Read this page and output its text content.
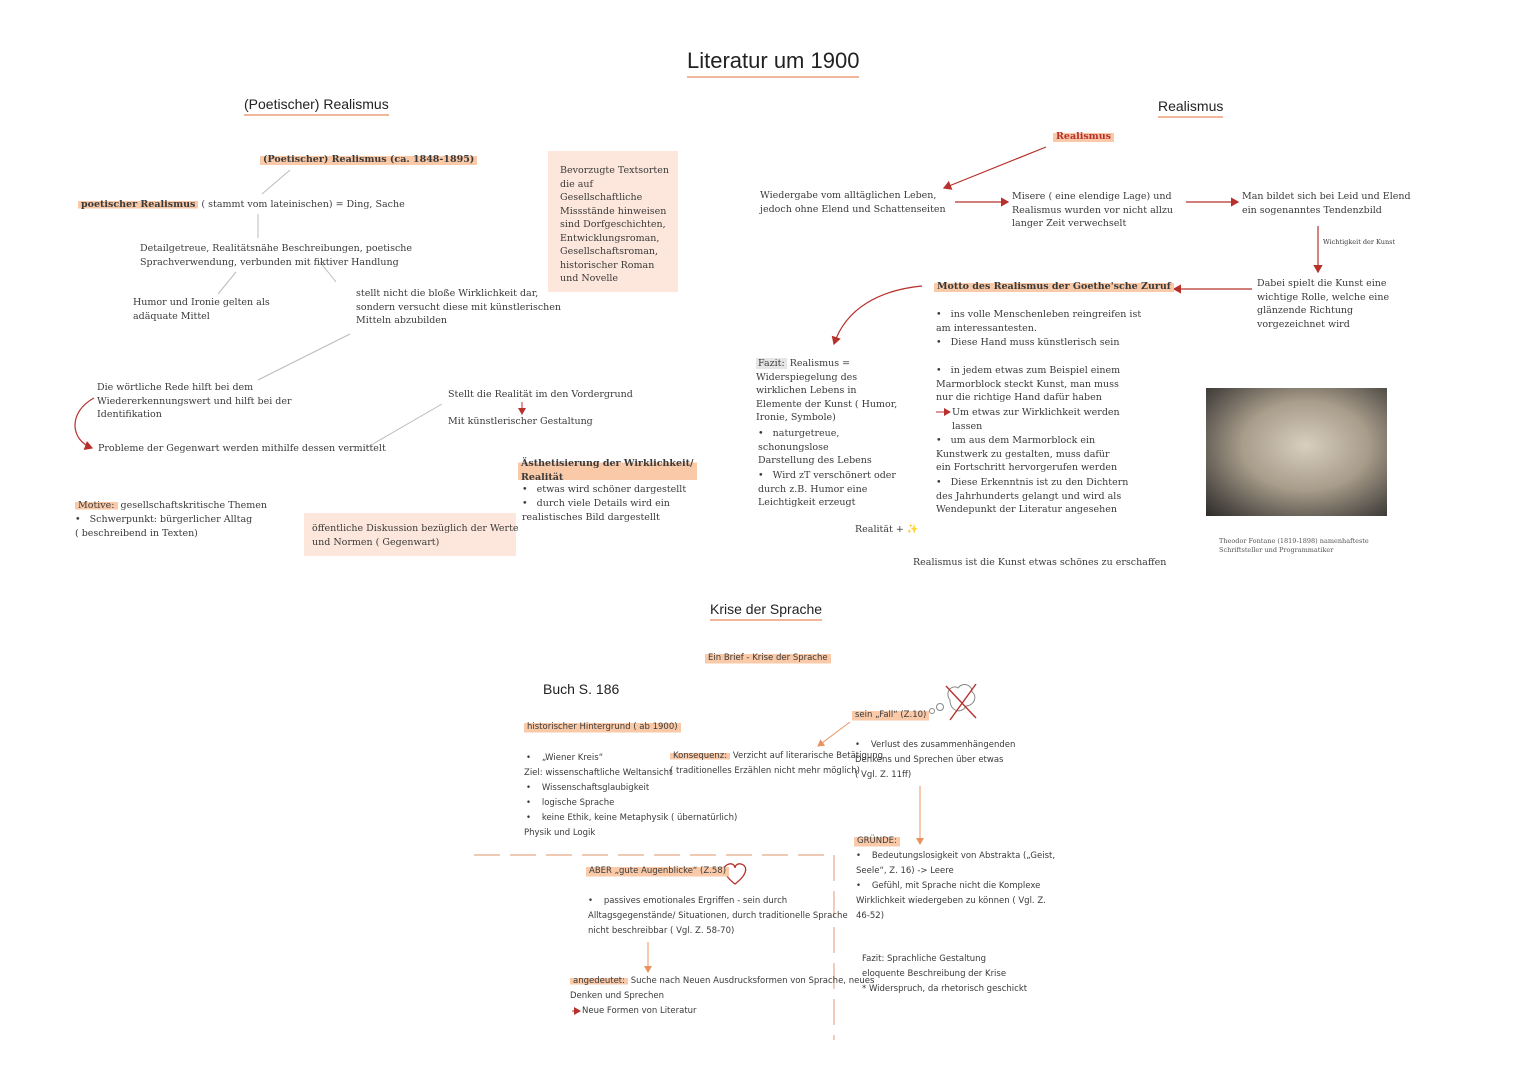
Literatur um 1900
(Poetischer) Realismus
(Poetischer) Realismus (ca. 1848-1895)
poetischer Realismus ( stammt vom lateinischen) = Ding, Sache
Detailgetreue, Realitätsnähe Beschreibungen, poetische
Sprachverwendung, verbunden mit fiktiver Handlung
Humor und Ironie gelten als
adäquate Mittel
stellt nicht die bloße Wirklichkeit dar,
sondern versucht diese mit künstlerischen
Mitteln abzubilden
Bevorzugte Textsorten
die auf
Gesellschaftliche
Missstände hinweisen
sind Dorfgeschichten,
Entwicklungsroman,
Gesellschaftsroman,
historischer Roman
und Novelle
Die wörtliche Rede hilft bei dem
Wiedererkennungswert und hilft bei der
Identifikation
Probleme der Gegenwart werden mithilfe dessen vermittelt
Stellt die Realität im den Vordergrund
Mit künstlerischer Gestaltung
Ästhetisierung der Wirklichkeit/
Realität
•   etwas wird schöner dargestellt
•   durch viele Details wird ein
realistisches Bild dargestellt
Motive: gesellschaftskritische Themen
•   Schwerpunkt: bürgerlicher Alltag
( beschreibend in Texten)	öffentliche Diskussion bezüglich der Werte
und Normen ( Gegenwart)
Realismus
Realismus
Wiedergabe vom alltäglichen Leben,
jedoch ohne Elend und Schattenseiten
Misere ( eine elendige Lage) und
Realismus wurden vor nicht allzu
langer Zeit verwechselt
Man bildet sich bei Leid und Elend
ein sogenanntes Tendenzbild
Wichtigkeit der Kunst
Dabei spielt die Kunst eine
wichtige Rolle, welche eine
glänzende Richtung
vorgezeichnet wird
Motto des Realismus der Goethe'sche Zuruf
•   ins volle Menschenleben reingreifen ist
am interessantesten.
•   Diese Hand muss künstlerisch sein
•   in jedem etwas zum Beispiel einem
Marmorblock steckt Kunst, man muss
nur die richtige Hand dafür haben
Um etwas zur Wirklichkeit werden
lassen
•   um aus dem Marmorblock ein
Kunstwerk zu gestalten, muss dafür
ein Fortschritt hervorgerufen werden
•   Diese Erkenntnis ist zu den Dichtern
des Jahrhunderts gelangt und wird als
Wendepunkt der Literatur angesehen
Fazit: Realismus =
Widerspiegelung des
wirklichen Lebens in
Elemente der Kunst ( Humor,
Ironie, Symbole)
•   naturgetreue,
schonungslose
Darstellung des Lebens
•   Wird zT verschönert oder
durch z.B. Humor eine
Leichtigkeit erzeugt
Realität + ✨
Realismus ist die Kunst etwas schönes zu erschaffen
Theodor Fontane (1819-1898) namenhafteste
Schriftsteller und Programmatiker
Krise der Sprache
Ein Brief - Krise der Sprache
Buch S. 186
historischer Hintergrund ( ab 1900)
•    „Wiener Kreis“
Ziel: wissenschaftliche Weltansicht
•    Wissenschaftsglaubigkeit
•    logische Sprache
•    keine Ethik, keine Metaphysik ( übernatürlich)
Physik und Logik
Konsequenz: Verzicht auf literarische Betätigung
( traditionelles Erzählen nicht mehr möglich)
sein „Fall“ (Z.10)
•    Verlust des zusammenhängenden
Denkens und Sprechen über etwas
( Vgl. Z. 11ff)
GRÜNDE:
•    Bedeutungslosigkeit von Abstrakta („Geist,
Seele“, Z. 16) -> Leere
•    Gefühl, mit Sprache nicht die Komplexe
Wirklichkeit wiedergeben zu können ( Vgl. Z.
46-52)
ABER „gute Augenblicke“ (Z.58)
•    passives emotionales Ergriffen - sein durch
Alltagsgegenstände/ Situationen, durch traditionelle Sprache
nicht beschreibbar ( Vgl. Z. 58-70)
angedeutet: Suche nach Neuen Ausdrucksformen von Sprache, neues
Denken und Sprechen
Neue Formen von Literatur
Fazit: Sprachliche Gestaltung
eloquente Beschreibung der Krise
* Widerspruch, da rhetorisch geschickt
